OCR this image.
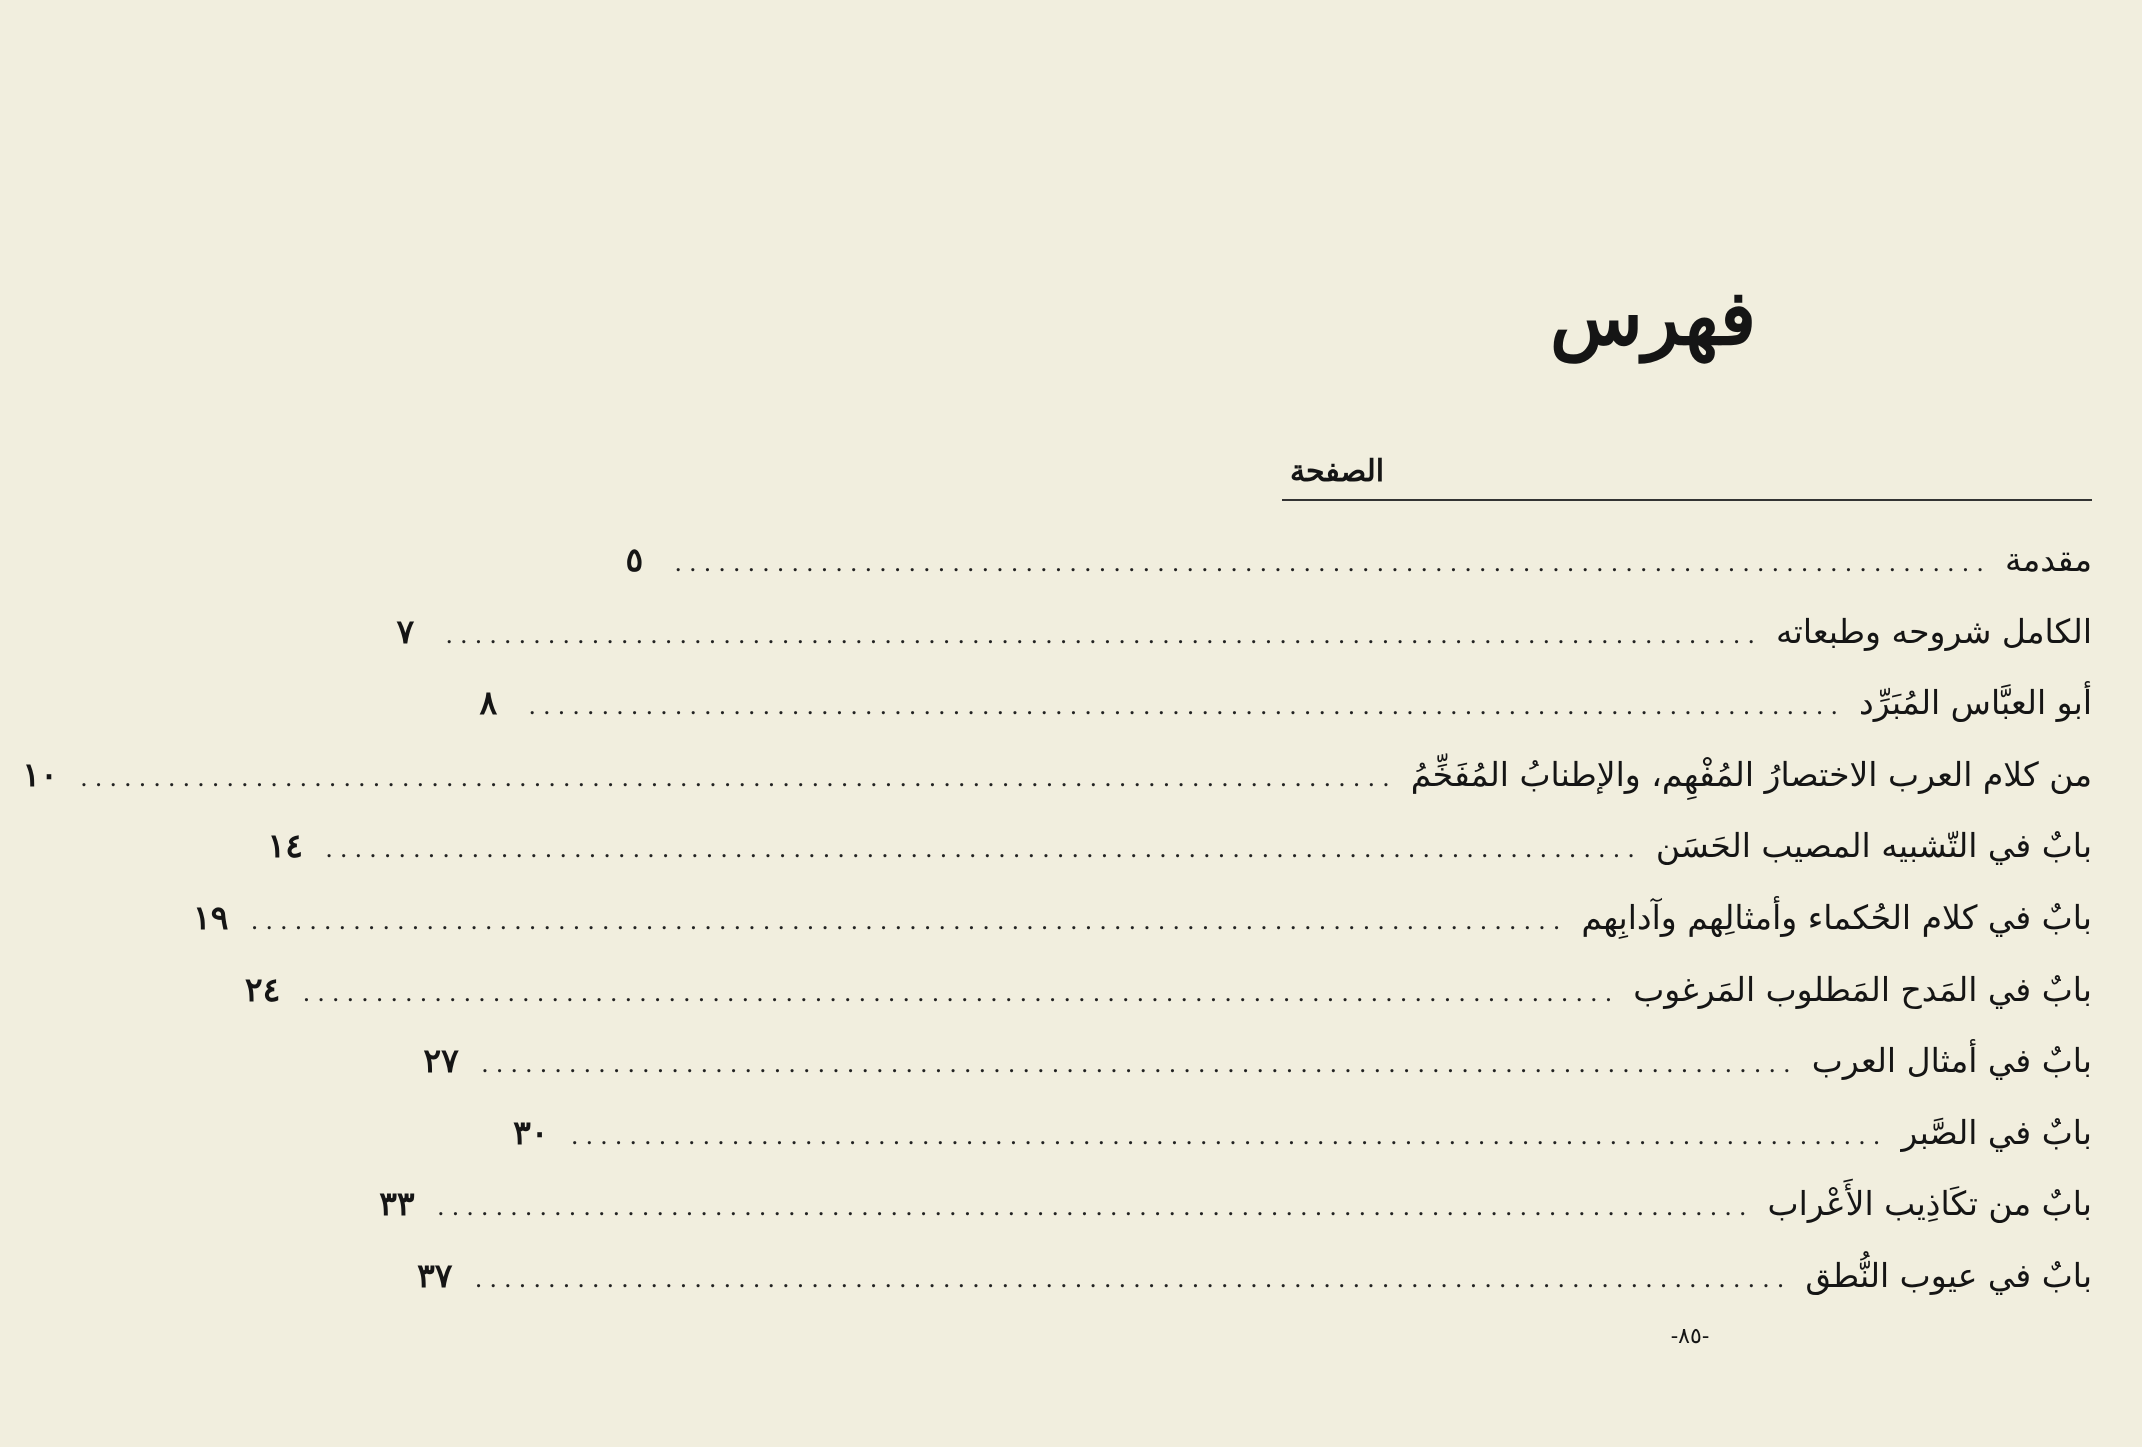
فهرس
الصفحة
مقدمة
..........................................................................................
٥
الكامل شروحه وطبعاته
..........................................................................................
٧
أبو العبَّاس المُبَرِّد
..........................................................................................
٨
من كلام العرب الاختصارُ المُفْهِم، والإطنابُ المُفَخِّمُ
..........................................................................................
١٠
بابٌ في التّشبيه المصيب الحَسَن
..........................................................................................
١٤
بابٌ في كلام الحُكماء وأمثالِهم وآدابِهم
..........................................................................................
١٩
بابٌ في المَدح المَطلوب المَرغوب
..........................................................................................
٢٤
بابٌ في أمثال العرب
..........................................................................................
٢٧
بابٌ في الصَّبر
..........................................................................................
٣٠
بابٌ من تكَاذِيب الأَعْراب
..........................................................................................
٣٣
بابٌ في عيوب النُّطق
..........................................................................................
٣٧
-٨٥-
